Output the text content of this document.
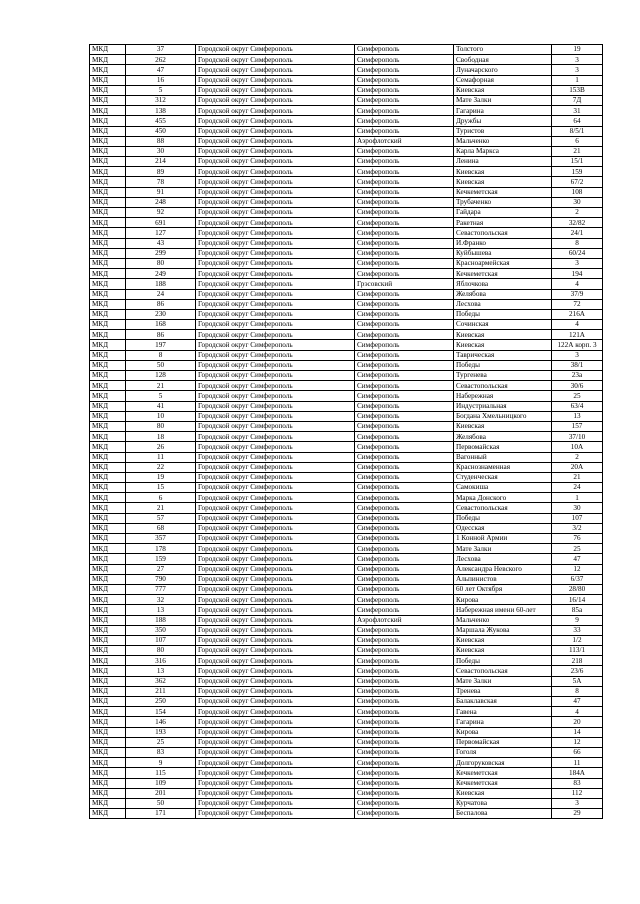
МКД	37	Городской округ Симферополь	Симферополь	Толстого	19
МКД	262	Городской округ Симферополь	Симферополь	Свободная	3
МКД	47	Городской округ Симферополь	Симферополь	Луначарского	3
МКД	16	Городской округ Симферополь	Симферополь	Семафорная	1
МКД	5	Городской округ Симферополь	Симферополь	Киевская	153В
МКД	312	Городской округ Симферополь	Симферополь	Мате Залки	7Д
МКД	138	Городской округ Симферополь	Симферополь	Гагарина	31
МКД	455	Городской округ Симферополь	Симферополь	Дружбы	64
МКД	450	Городской округ Симферополь	Симферополь	Туристов	8/5/1
МКД	88	Городской округ Симферополь	Аэрофлотский	Мальченко	6
МКД	30	Городской округ Симферополь	Симферополь	Карла Маркса	21
МКД	214	Городской округ Симферополь	Симферополь	Ленина	15/1
МКД	89	Городской округ Симферополь	Симферополь	Киевская	159
МКД	78	Городской округ Симферополь	Симферополь	Киевская	67/2
МКД	91	Городской округ Симферополь	Симферополь	Кечкеметская	108
МКД	248	Городской округ Симферополь	Симферополь	Трубаченко	30
МКД	92	Городской округ Симферополь	Симферополь	Гайдара	2
МКД	691	Городской округ Симферополь	Симферополь	Ракетная	32/82
МКД	127	Городской округ Симферополь	Симферополь	Севастопольская	24/1
МКД	43	Городской округ Симферополь	Симферополь	И.Франко	8
МКД	299	Городской округ Симферополь	Симферополь	Куйбышева	60/24
МКД	80	Городской округ Симферополь	Симферополь	Красноармейская	3
МКД	249	Городской округ Симферополь	Симферополь	Кечкеметская	194
МКД	188	Городской округ Симферополь	Грэсовский	Яблочкова	4
МКД	24	Городской округ Симферополь	Симферополь	Желябова	37/9
МКД	86	Городской округ Симферополь	Симферополь	Лесхова	72
МКД	230	Городской округ Симферополь	Симферополь	Победы	216А
МКД	168	Городской округ Симферополь	Симферополь	Сочинская	4
МКД	86	Городской округ Симферополь	Симферополь	Киевская	121А
МКД	197	Городской округ Симферополь	Симферополь	Киевская	122А корп. 3
МКД	8	Городской округ Симферополь	Симферополь	Таврическая	3
МКД	50	Городской округ Симферополь	Симферополь	Победы	38/1
МКД	128	Городской округ Симферополь	Симферополь	Тургенева	23а
МКД	21	Городской округ Симферополь	Симферополь	Севастопольская	30/6
МКД	5	Городской округ Симферополь	Симферополь	Набережная	25
МКД	41	Городской округ Симферополь	Симферополь	Индустриальная	63/4
МКД	10	Городской округ Симферополь	Симферополь	Богдана Хмельницкого	13
МКД	80	Городской округ Симферополь	Симферополь	Киевская	157
МКД	18	Городской округ Симферополь	Симферополь	Желябова	37/10
МКД	26	Городской округ Симферополь	Симферополь	Первомайская	10А
МКД	11	Городской округ Симферополь	Симферополь	Вагонный	2
МКД	22	Городской округ Симферополь	Симферополь	Краснознаменная	20А
МКД	19	Городской округ Симферополь	Симферополь	Студенческая	21
МКД	15	Городской округ Симферополь	Симферополь	Самокиша	24
МКД	6	Городской округ Симферополь	Симферополь	Марка Донского	1
МКД	21	Городской округ Симферополь	Симферополь	Севастопольская	30
МКД	57	Городской округ Симферополь	Симферополь	Победы	107
МКД	68	Городской округ Симферополь	Симферополь	Одесская	3/2
МКД	357	Городской округ Симферополь	Симферополь	1 Конной Армии	76
МКД	178	Городской округ Симферополь	Симферополь	Мате Залки	25
МКД	159	Городской округ Симферополь	Симферополь	Лесхова	47
МКД	27	Городской округ Симферополь	Симферополь	Александра Невского	12
МКД	790	Городской округ Симферополь	Симферополь	Альпинистов	6/37
МКД	777	Городской округ Симферополь	Симферополь	60 лет Октября	28/80
МКД	32	Городской округ Симферополь	Симферополь	Кирова	16/14
МКД	13	Городской округ Симферополь	Симферополь	Набережная имени 60-лет	85а
МКД	188	Городской округ Симферополь	Аэрофлотский	Мальченко	9
МКД	350	Городской округ Симферополь	Симферополь	Маршала Жукова	33
МКД	107	Городской округ Симферополь	Симферополь	Киевская	1/2
МКД	80	Городской округ Симферополь	Симферополь	Киевская	113/1
МКД	316	Городской округ Симферополь	Симферополь	Победы	218
МКД	13	Городской округ Симферополь	Симферополь	Севастопольская	23/6
МКД	362	Городской округ Симферополь	Симферополь	Мате Залки	5А
МКД	211	Городской округ Симферополь	Симферополь	Тренева	8
МКД	250	Городской округ Симферополь	Симферополь	Балаклавская	47
МКД	154	Городской округ Симферополь	Симферополь	Гавена	4
МКД	146	Городской округ Симферополь	Симферополь	Гагарина	20
МКД	193	Городской округ Симферополь	Симферополь	Кирова	14
МКД	25	Городской округ Симферополь	Симферополь	Первомайская	12
МКД	83	Городской округ Симферополь	Симферополь	Гоголя	66
МКД	9	Городской округ Симферополь	Симферополь	Долгоруковская	11
МКД	115	Городской округ Симферополь	Симферополь	Кечкеметская	184А
МКД	109	Городской округ Симферополь	Симферополь	Кечкеметская	83
МКД	201	Городской округ Симферополь	Симферополь	Киевская	112
МКД	50	Городской округ Симферополь	Симферополь	Курчатова	3
МКД	171	Городской округ Симферополь	Симферополь	Беспалова	29
